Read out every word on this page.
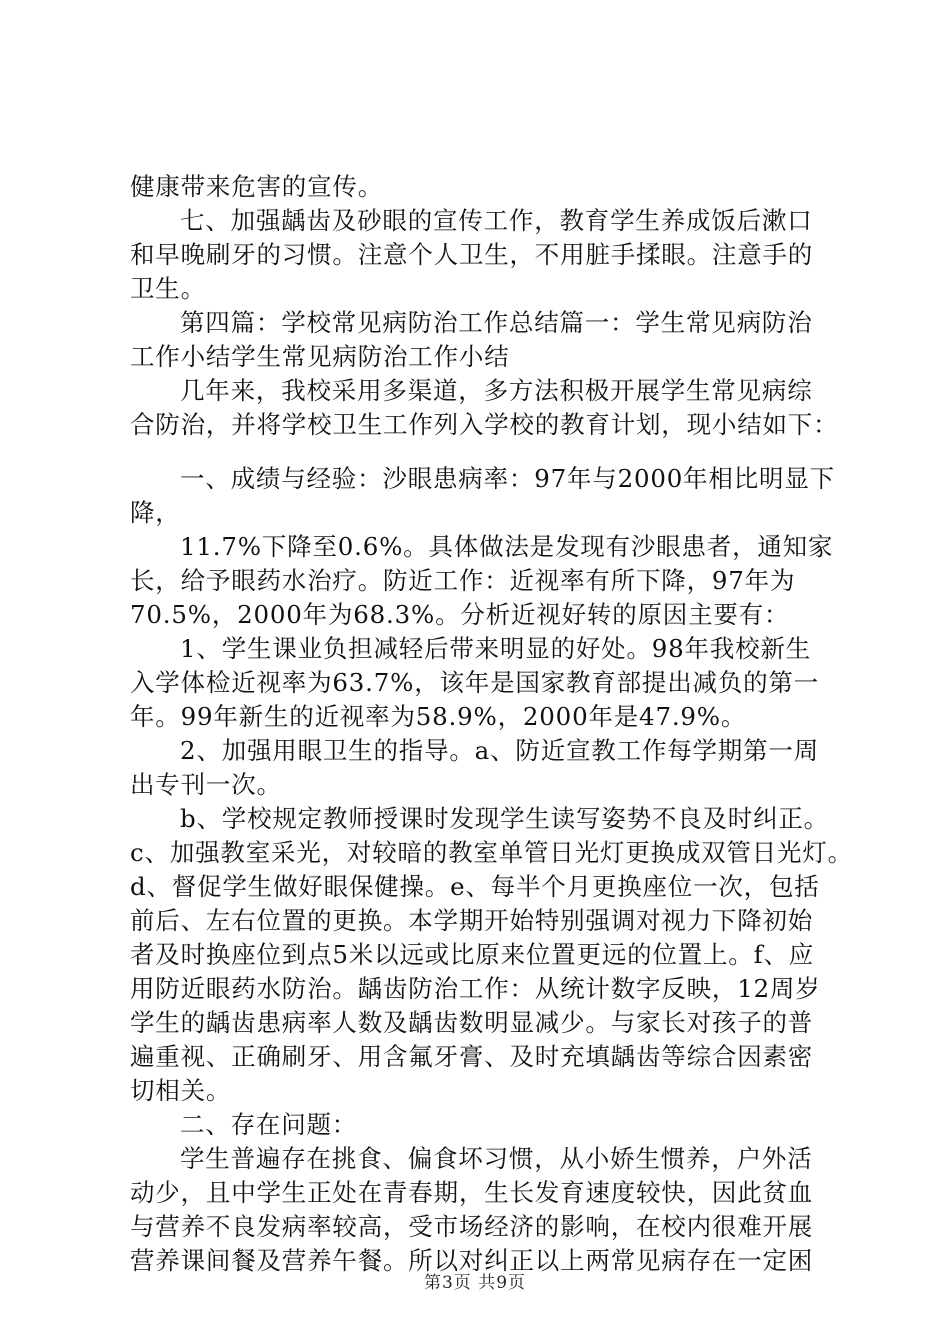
健康带来危害的宣传。
七、加强龋齿及砂眼的宣传工作，教育学生养成饭后漱口
和早晚刷牙的习惯。注意个人卫生，不用脏手揉眼。注意手的
卫生。
第四篇：学校常见病防治工作总结篇一：学生常见病防治
工作小结学生常见病防治工作小结
几年来，我校采用多渠道，多方法积极开展学生常见病综
合防治，并将学校卫生工作列入学校的教育计划，现小结如下：
一、成绩与经验：沙眼患病率：97年与2000年相比明显下
降，
11.7%下降至0.6%。具体做法是发现有沙眼患者，通知家
长，给予眼药水治疗。防近工作：近视率有所下降，97年为
70.5%，2000年为68.3%。分析近视好转的原因主要有：
1、学生课业负担减轻后带来明显的好处。98年我校新生
入学体检近视率为63.7%，该年是国家教育部提出减负的第一
年。99年新生的近视率为58.9%，2000年是47.9%。
2、加强用眼卫生的指导。a、防近宣教工作每学期第一周
出专刊一次。
b、学校规定教师授课时发现学生读写姿势不良及时纠正。
c、加强教室采光，对较暗的教室单管日光灯更换成双管日光灯。
d、督促学生做好眼保健操。e、每半个月更换座位一次，包括
前后、左右位置的更换。本学期开始特别强调对视力下降初始
者及时换座位到点5米以远或比原来位置更远的位置上。f、应
用防近眼药水防治。龋齿防治工作：从统计数字反映，12周岁
学生的龋齿患病率人数及龋齿数明显减少。与家长对孩子的普
遍重视、正确刷牙、用含氟牙膏、及时充填龋齿等综合因素密
切相关。
二、存在问题：
学生普遍存在挑食、偏食坏习惯，从小娇生惯养，户外活
动少，且中学生正处在青春期，生长发育速度较快，因此贫血
与营养不良发病率较高，受市场经济的影响，在校内很难开展
营养课间餐及营养午餐。所以对纠正以上两常见病存在一定困
第3页 共9页
